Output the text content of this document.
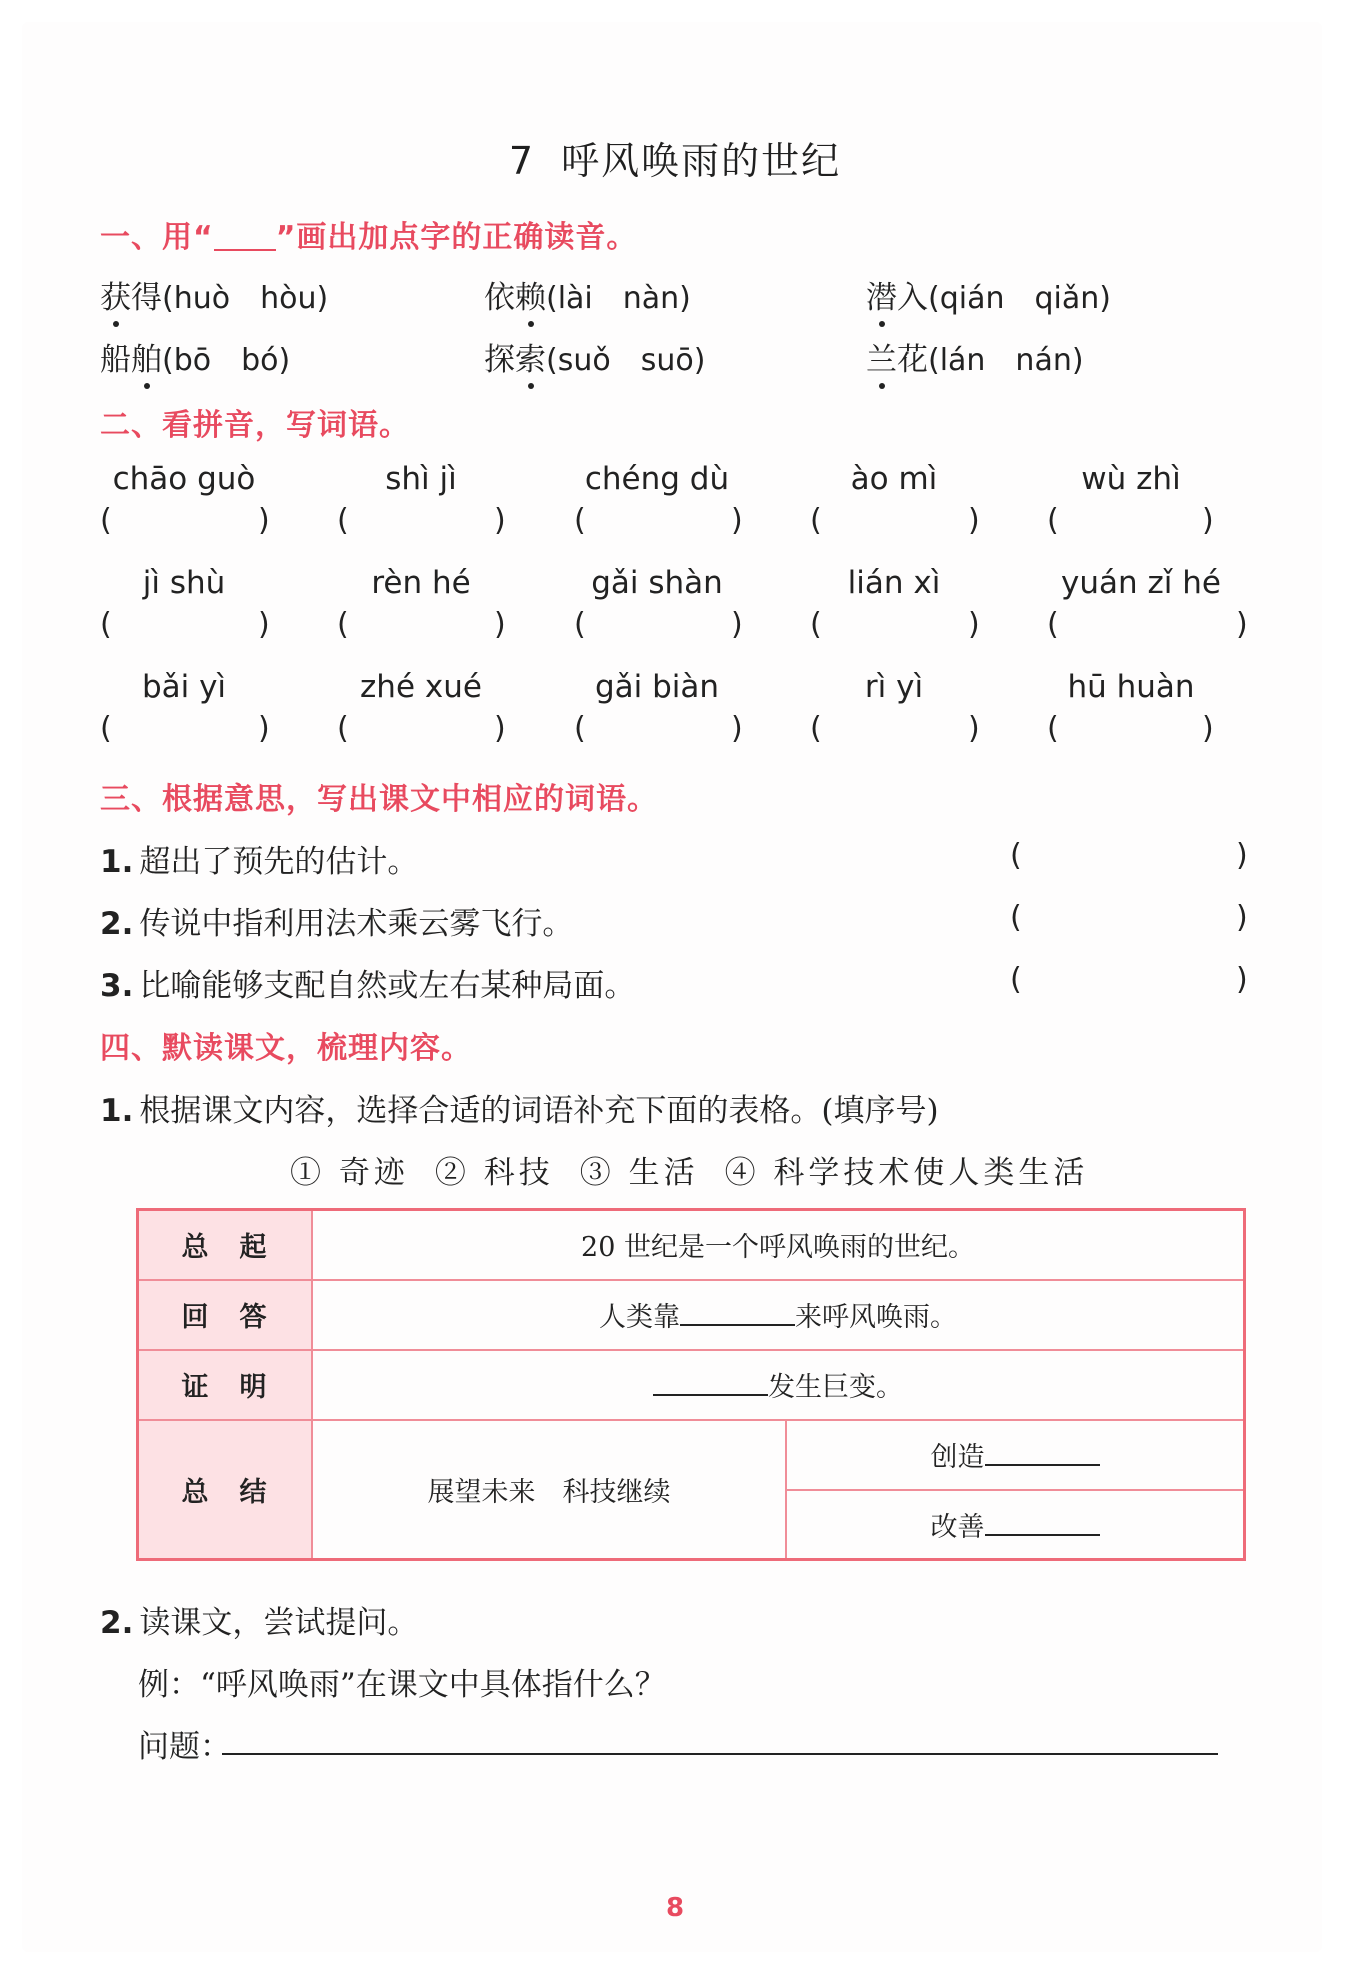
7 呼风唤雨的世纪
一、用“ ”画出加点字的正确读音。
获得(huò　hòu)	依赖(lài　nàn)	潜入(qián　qiǎn)
船舶(bō　bó)	探索(suǒ　suō)	兰花(lán　nán)
二、看拼音，写词语。
chāo guò	shì jì	chéng dù	ào mì	wù zhì
(	) (	) (	) (	) (	)
jì shù	rèn hé	gǎi shàn	lián xì	yuán zǐ hé
(	) (	) (	) (	) (	)
bǎi yì	zhé xué	gǎi biàn	rì yì	hū huàn
(	) (	) (	) (	) (	)
三、根据意思，写出课文中相应的词语。
1. 超出了预先的估计。	(	)
2. 传说中指利用法术乘云雾飞行。	(	)
3. 比喻能够支配自然或左右某种局面。	(	)
四、默读课文，梳理内容。
1. 根据课文内容，选择合适的词语补充下面的表格。(填序号)
① 奇迹 ② 科技 ③ 生活 ④ 科学技术使人类生活
总　起	20 世纪是一个呼风唤雨的世纪。	
回　答	人类靠 来呼风唤雨。	
证　明	发生巨变。	
总　结	展望未来　科技继续	创造
		改善
2. 读课文，尝试提问。
例：“呼风唤雨”在课文中具体指什么？
问题：
8
